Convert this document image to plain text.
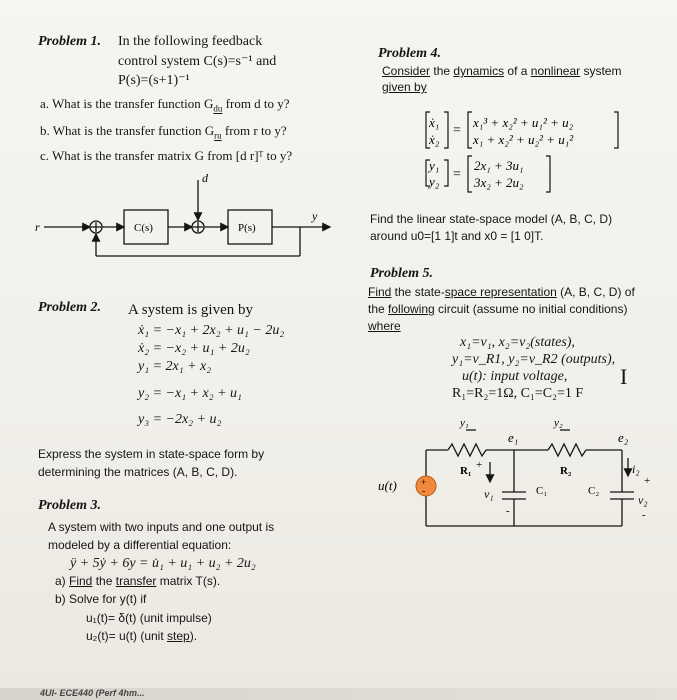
Problem 1. In the following feedback
control system C(s)=s⁻¹ and
P(s)=(s+1)⁻¹
a. What is the transfer function $G_{du}$ from d to y?
b. What is the transfer function $G_{ru}$ from r to y?
c. What is the transfer matrix G from [d r]ᵀ to y?
r
d
y
C(s)	P(s)
Problem 2. A system is given by
ẋ₁ = −x₁ + 2x₂ + u₁ − 2u₂
ẋ₂ = −x₂ + u₁ + 2u₂
y₁ = 2x₁ + x₂
y₂ = −x₁ + x₂ + u₁
y₃ = −2x₂ + u₂
Express the system in state-space form by
determining the matrices (A, B, C, D).
Problem 3.
A system with two inputs and one output is
modeled by a differential equation:
ÿ + 5ẏ + 6y = u̇₁ + u₁ + u₂ + 2u₂
a) Find the transfer matrix T(s).
b) Solve for y(t) if
u₁(t)= δ(t) (unit impulse)
u₂(t)= u(t) (unit step).
Problem 4.
Consider the dynamics of a nonlinear system
given by
ẋ₁
ẋ₂
=
x₁³ + x₂² + u₁² + u₂
x₁ + x₂² + u₂² + u₁²
y₁
y₂ =
2x₁ + 3u₁
3x₂ + 2u₂
Find the linear state-space model (A, B, C, D)
around u0=[1 1]t and x0 = [1 0]T.
Problem 5.
Find the state-space representation (A, B, C, D) of
the following circuit (assume no initial conditions)
where
x₁=v₁, x₂=v₂(states),
y₁=v_R1, y₂=v_R2 (outputs),
u(t): input voltage,
R₁=R₂=1Ω, C₁=C₂=1 F
I
+
-
u(t)
y₁	y₂
e₁	e₂
R₁	R₂
C₁	C₂
v₁	v₂
i₂
+
+
-	-
4Ul- ECE440 (Perf 4hm...
